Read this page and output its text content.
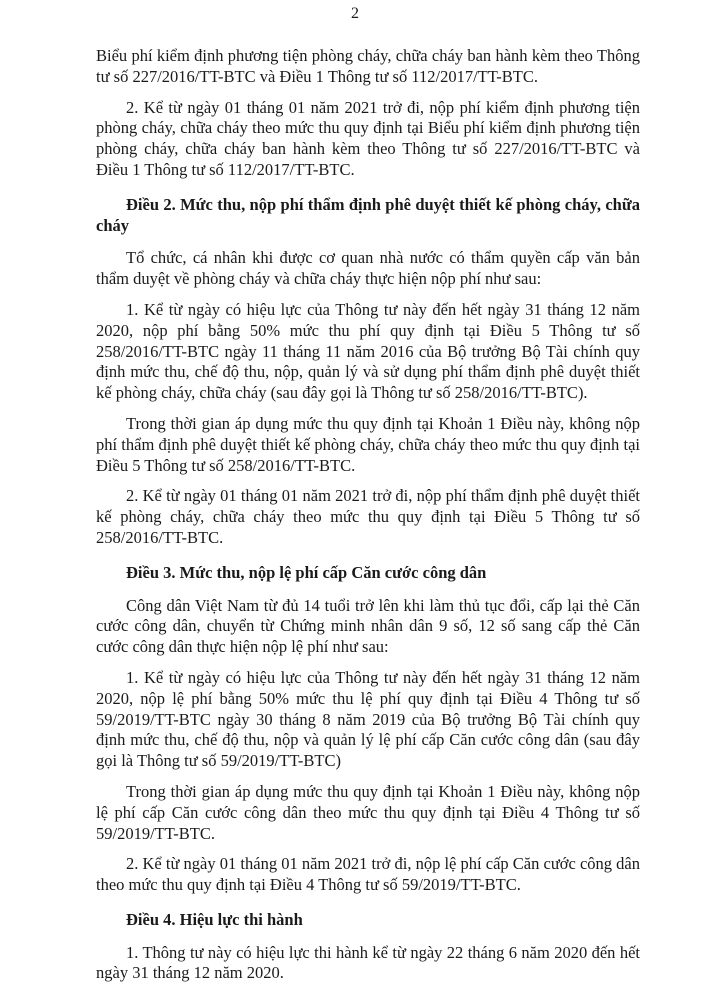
2

Biểu phí kiểm định phương tiện phòng cháy, chữa cháy ban hành kèm theo Thông tư số 227/2016/TT-BTC và Điều 1 Thông tư số 112/2017/TT-BTC.

2. Kể từ ngày 01 tháng 01 năm 2021 trở đi, nộp phí kiểm định phương tiện phòng cháy, chữa cháy theo mức thu quy định tại Biểu phí kiểm định phương tiện phòng cháy, chữa cháy ban hành kèm theo Thông tư số 227/2016/TT-BTC và Điều 1 Thông tư số 112/2017/TT-BTC.

Điều 2. Mức thu, nộp phí thẩm định phê duyệt thiết kế phòng cháy, chữa cháy

Tổ chức, cá nhân khi được cơ quan nhà nước có thẩm quyền cấp văn bản thẩm duyệt về phòng cháy và chữa cháy thực hiện nộp phí như sau:

1. Kể từ ngày có hiệu lực của Thông tư này đến hết ngày 31 tháng 12 năm 2020, nộp phí bằng 50% mức thu phí quy định tại Điều 5 Thông tư số 258/2016/TT-BTC ngày 11 tháng 11 năm 2016 của Bộ trưởng Bộ Tài chính quy định mức thu, chế độ thu, nộp, quản lý và sử dụng phí thẩm định phê duyệt thiết kế phòng cháy, chữa cháy (sau đây gọi là Thông tư số 258/2016/TT-BTC).

Trong thời gian áp dụng mức thu quy định tại Khoản 1 Điều này, không nộp phí thẩm định phê duyệt thiết kế phòng cháy, chữa cháy theo mức thu quy định tại Điều 5 Thông tư số 258/2016/TT-BTC.

2. Kể từ ngày 01 tháng 01 năm 2021 trở đi, nộp phí thẩm định phê duyệt thiết kế phòng cháy, chữa cháy theo mức thu quy định tại Điều 5 Thông tư số 258/2016/TT-BTC.

Điều 3. Mức thu, nộp lệ phí cấp Căn cước công dân

Công dân Việt Nam từ đủ 14 tuổi trở lên khi làm thủ tục đổi, cấp lại thẻ Căn cước công dân, chuyển từ Chứng minh nhân dân 9 số, 12 số sang cấp thẻ Căn cước công dân thực hiện nộp lệ phí như sau:

1. Kể từ ngày có hiệu lực của Thông tư này đến hết ngày 31 tháng 12 năm 2020, nộp lệ phí bằng 50% mức thu lệ phí quy định tại Điều 4 Thông tư số 59/2019/TT-BTC ngày 30 tháng 8 năm 2019 của Bộ trưởng Bộ Tài chính quy định mức thu, chế độ thu, nộp và quản lý lệ phí cấp Căn cước công dân (sau đây gọi là Thông tư số 59/2019/TT-BTC)

Trong thời gian áp dụng mức thu quy định tại Khoản 1 Điều này, không nộp lệ phí cấp Căn cước công dân theo mức thu quy định tại Điều 4 Thông tư số 59/2019/TT-BTC.

2. Kể từ ngày 01 tháng 01 năm 2021 trở đi, nộp lệ phí cấp Căn cước công dân theo mức thu quy định tại Điều 4 Thông tư số 59/2019/TT-BTC.

Điều 4. Hiệu lực thi hành

1. Thông tư này có hiệu lực thi hành kể từ ngày 22 tháng 6 năm 2020 đến hết ngày 31 tháng 12 năm 2020.
